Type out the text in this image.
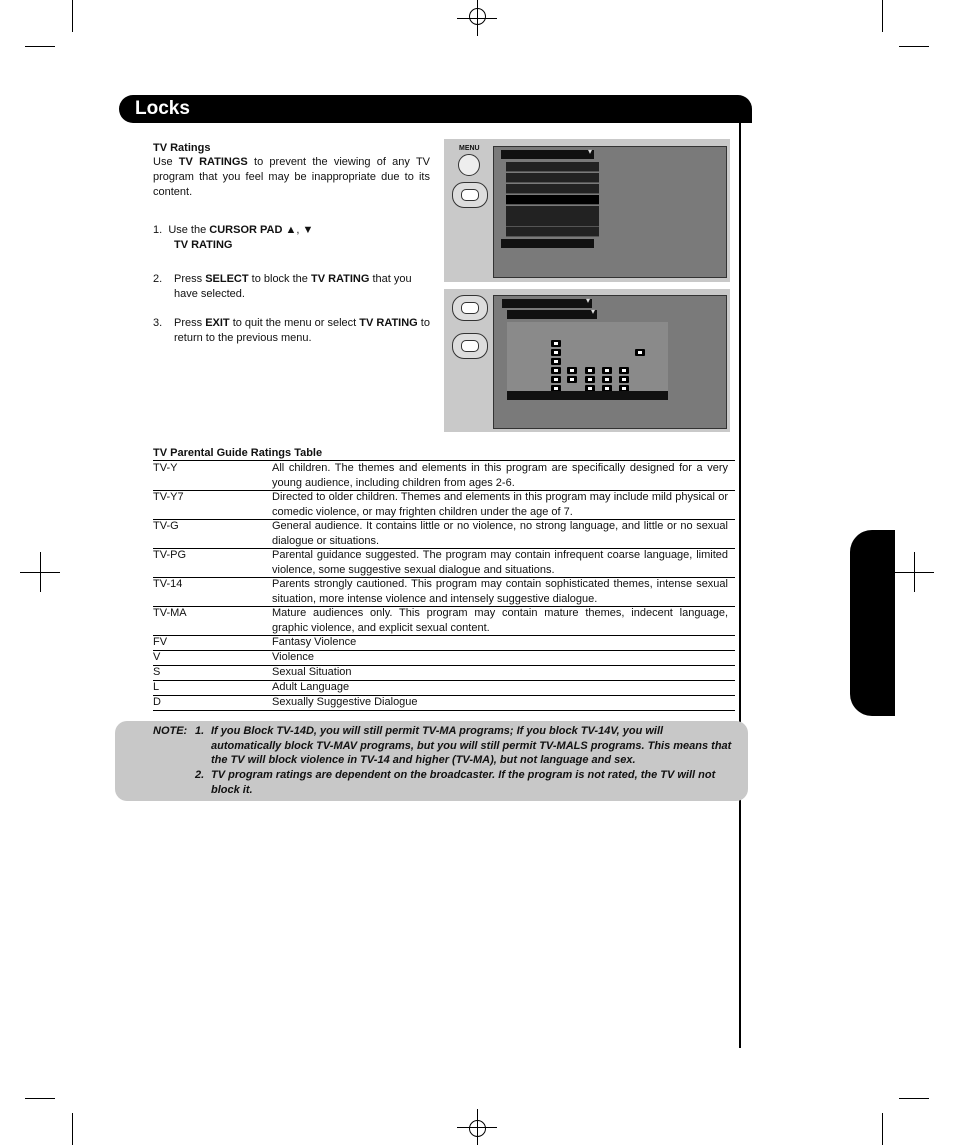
Locks
TV Ratings
Use TV RATINGS to prevent the viewing of any TV program that you feel may be inappropriate due to its content.
1. Use the CURSOR PAD ▲, ▼
TV RATING
2. Press SELECT to block the TV RATING that you have selected.
3. Press EXIT to quit the menu or select TV RATING to return to the previous menu.
MENU
▾
▾
▾
TV Parental Guide Ratings Table
TV-Y	All children. The themes and elements in this program are specifically designed for a very young audience, including children from ages 2-6.
TV-Y7	Directed to older children. Themes and elements in this program may include mild physical or comedic violence, or may frighten children under the age of 7.
TV-G	General audience. It contains little or no violence, no strong language, and little or no sexual dialogue or situations.
TV-PG	Parental guidance suggested. The program may contain infrequent coarse language, limited violence, some suggestive sexual dialogue and situations.
TV-14	Parents strongly cautioned. This program may contain sophisticated themes, intense sexual situation, more intense violence and intensely suggestive dialogue.
TV-MA	Mature audiences only. This program may contain mature themes, indecent language, graphic violence, and explicit sexual content.
FV	Fantasy Violence
V	Violence
S	Sexual Situation
L	Adult Language
D	Sexually Suggestive Dialogue
NOTE: 1. If you Block TV-14D, you will still permit TV-MA programs; If you block TV-14V, you will automatically block TV-MAV programs, but you will still permit TV-MALS programs. This means that the TV will block violence in TV-14 and higher (TV-MA), but not language and sex.
2. TV program ratings are dependent on the broadcaster. If the program is not rated, the TV will not block it.
